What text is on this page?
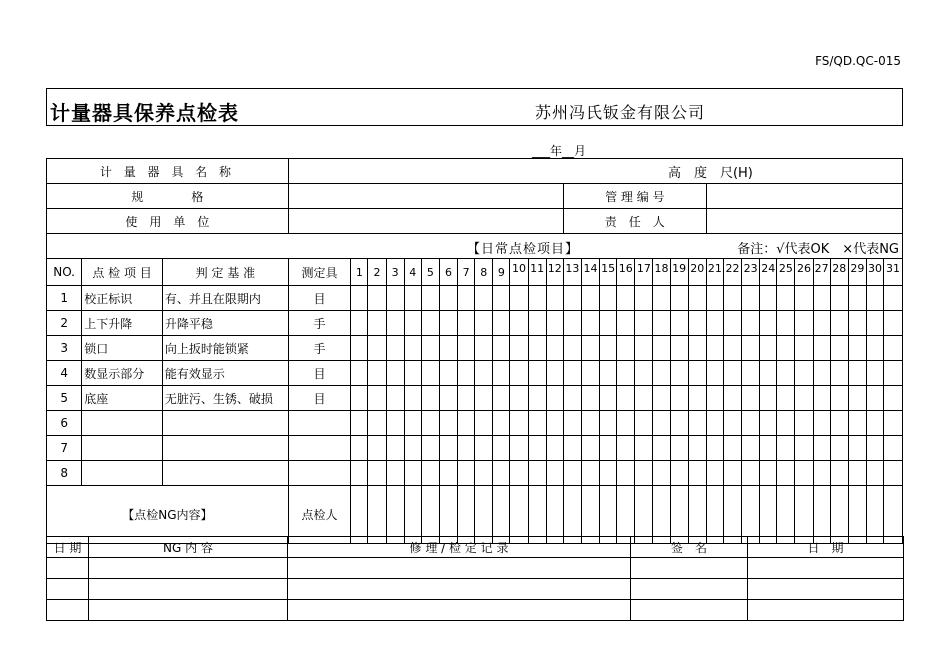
FS/QD.QC-015
计量器具保养点检表	苏州冯氏钣金有限公司
___年__月
计 量 器 具 名 称			高　度　尺(H)																															
规　　　　格																管 理 编 号																		
使　用　单　位																责　任　人																		

【日常点检项目】 备注：√代表OK　×代表NG																																		

NO.	点 检 项 目	判 定 基 准	测定具	1	2	3	4	5	6	7	8	9	10	11	12	13	14	15	16	17	18	19	20	21	22	23	24	25	26	27	28	29	30	31
1	校正标识	有、并且在限期内	目																															
2	上下升降	升降平稳	手																															
3	锁口	向上扳时能锁紧	手																															
4	数显示部分	能有效显示	目																															
5	底座	无脏污、生锈、破损	目																															
6																																		
7																																		
8																																		
【点检NG内容】			点检人																															
日 期	NG 内 容	修 理 / 检 定 记 录	签　名	日　期
